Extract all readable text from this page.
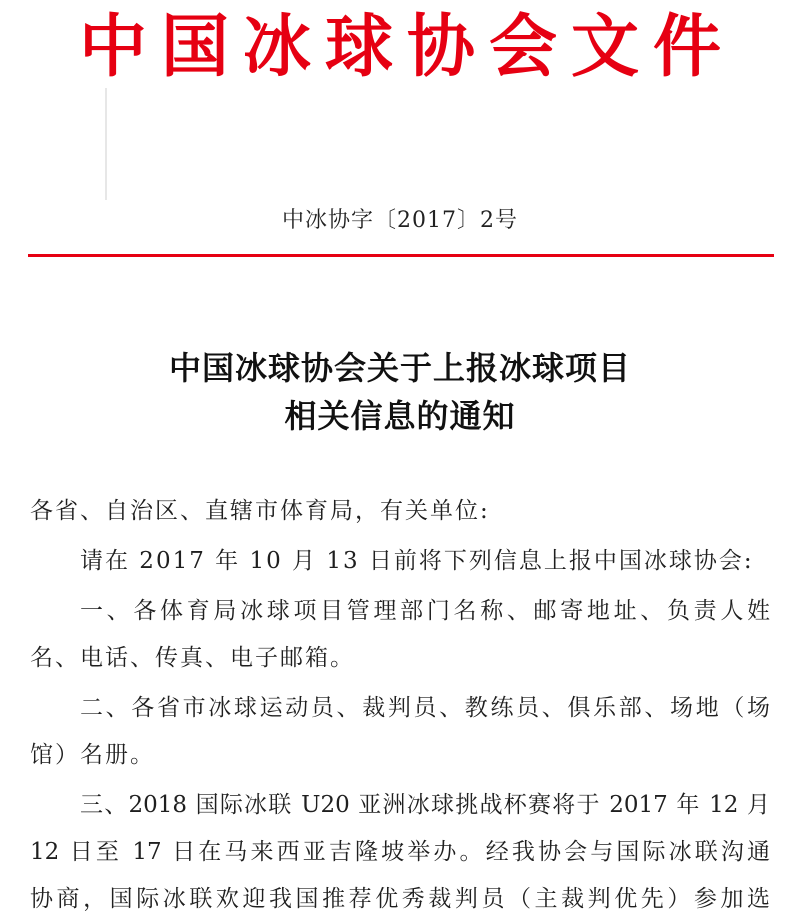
中国冰球协会文件
中冰协字〔2017〕2号
中国冰球协会关于上报冰球项目
相关信息的通知
各省、自治区、直辖市体育局，有关单位:
请在 2017 年 10 月 13 日前将下列信息上报中国冰球协会:
一、各体育局冰球项目管理部门名称、邮寄地址、负责人姓
名、电话、传真、电子邮箱。
二、各省市冰球运动员、裁判员、教练员、俱乐部、场地（场
馆）名册。
三、2018 国际冰联 U20 亚洲冰球挑战杯赛将于 2017 年 12 月
12 日至 17 日在马来西亚吉隆坡举办。经我协会与国际冰联沟通
协商，国际冰联欢迎我国推荐优秀裁判员（主裁判优先）参加选
